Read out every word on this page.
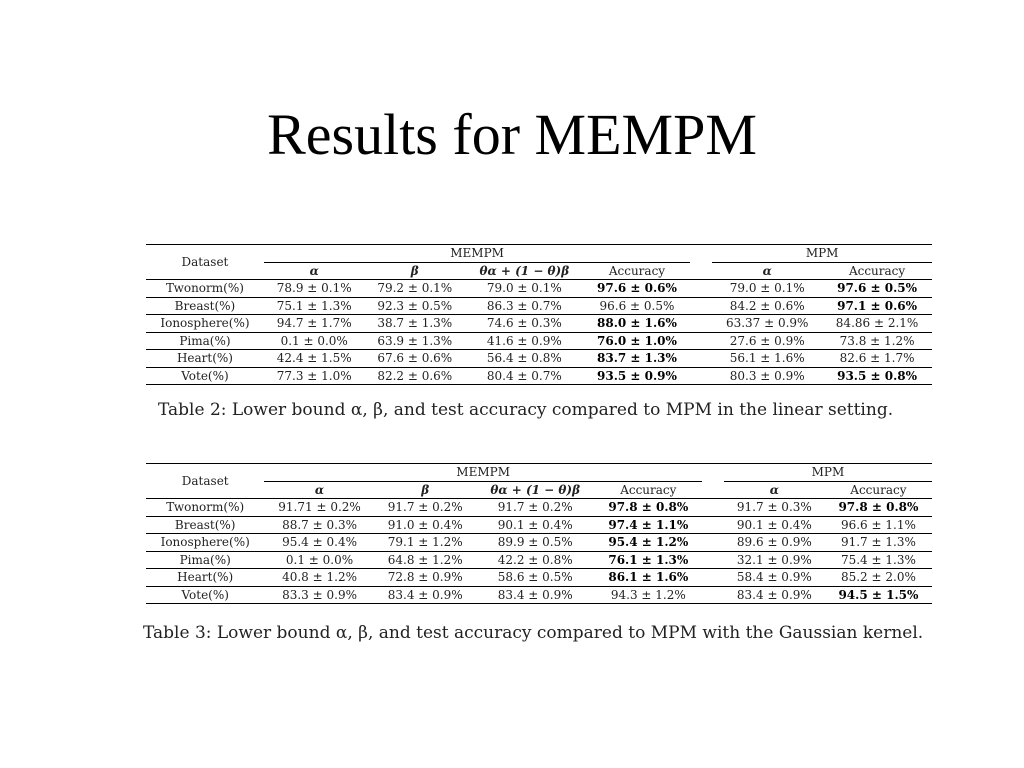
Results for MEMPM
Dataset	MEMPM					MPM	
	α	β	θα + (1 − θ)β	Accuracy		α	Accuracy
Twonorm(%)	78.9 ± 0.1%	79.2 ± 0.1%	79.0 ± 0.1%	97.6 ± 0.6%		79.0 ± 0.1%	97.6 ± 0.5%
Breast(%)	75.1 ± 1.3%	92.3 ± 0.5%	86.3 ± 0.7%	96.6 ± 0.5%		84.2 ± 0.6%	97.1 ± 0.6%
Ionosphere(%)	94.7 ± 1.7%	38.7 ± 1.3%	74.6 ± 0.3%	88.0 ± 1.6%		63.37 ± 0.9%	84.86 ± 2.1%
Pima(%)	0.1 ± 0.0%	63.9 ± 1.3%	41.6 ± 0.9%	76.0 ± 1.0%		27.6 ± 0.9%	73.8 ± 1.2%
Heart(%)	42.4 ± 1.5%	67.6 ± 0.6%	56.4 ± 0.8%	83.7 ± 1.3%		56.1 ± 1.6%	82.6 ± 1.7%
Vote(%)	77.3 ± 1.0%	82.2 ± 0.6%	80.4 ± 0.7%	93.5 ± 0.9%		80.3 ± 0.9%	93.5 ± 0.8%
Table 2: Lower bound α, β, and test accuracy compared to MPM in the linear setting.
Dataset	MEMPM					MPM	
	α	β	θα + (1 − θ)β	Accuracy		α	Accuracy
Twonorm(%)	91.71 ± 0.2%	91.7 ± 0.2%	91.7 ± 0.2%	97.8 ± 0.8%		91.7 ± 0.3%	97.8 ± 0.8%
Breast(%)	88.7 ± 0.3%	91.0 ± 0.4%	90.1 ± 0.4%	97.4 ± 1.1%		90.1 ± 0.4%	96.6 ± 1.1%
Ionosphere(%)	95.4 ± 0.4%	79.1 ± 1.2%	89.9 ± 0.5%	95.4 ± 1.2%		89.6 ± 0.9%	91.7 ± 1.3%
Pima(%)	0.1 ± 0.0%	64.8 ± 1.2%	42.2 ± 0.8%	76.1 ± 1.3%		32.1 ± 0.9%	75.4 ± 1.3%
Heart(%)	40.8 ± 1.2%	72.8 ± 0.9%	58.6 ± 0.5%	86.1 ± 1.6%		58.4 ± 0.9%	85.2 ± 2.0%
Vote(%)	83.3 ± 0.9%	83.4 ± 0.9%	83.4 ± 0.9%	94.3 ± 1.2%		83.4 ± 0.9%	94.5 ± 1.5%
Table 3: Lower bound α, β, and test accuracy compared to MPM with the Gaussian kernel.
